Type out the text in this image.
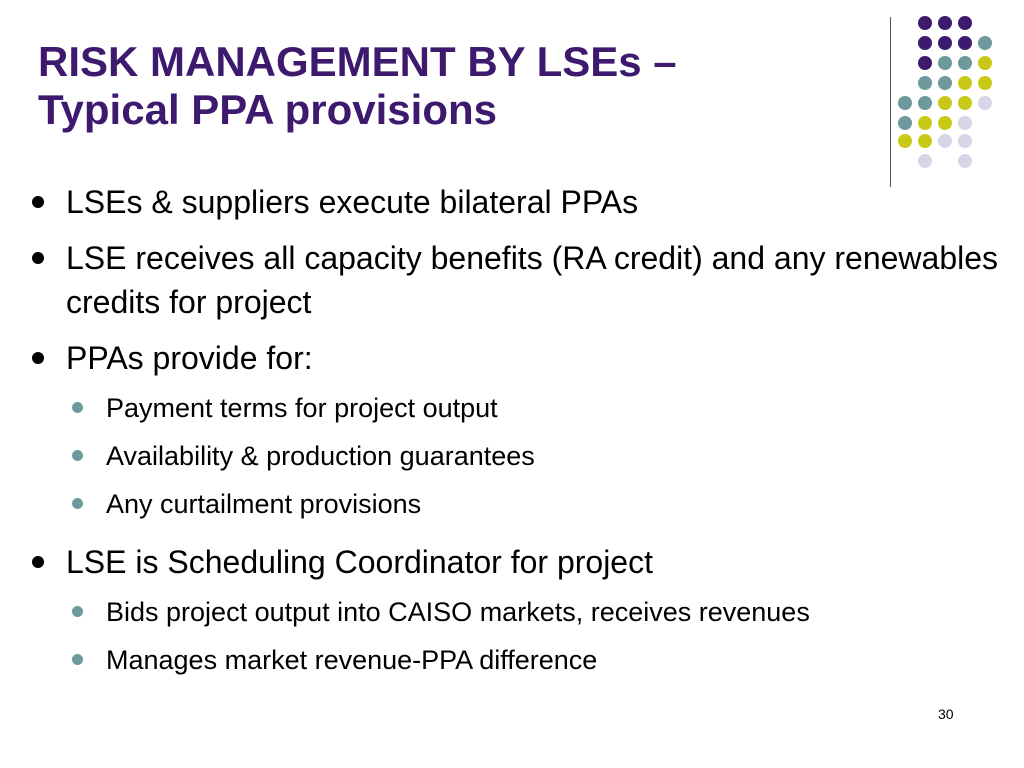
RISK MANAGEMENT BY LSEs –
Typical PPA provisions
LSEs & suppliers execute bilateral PPAs
LSE receives all capacity benefits (RA credit) and any renewables credits for project
PPAs provide for:
Payment terms for project output
Availability & production guarantees
Any curtailment provisions
LSE is Scheduling Coordinator for project
Bids project output into CAISO markets, receives revenues
Manages market revenue-PPA difference
30
